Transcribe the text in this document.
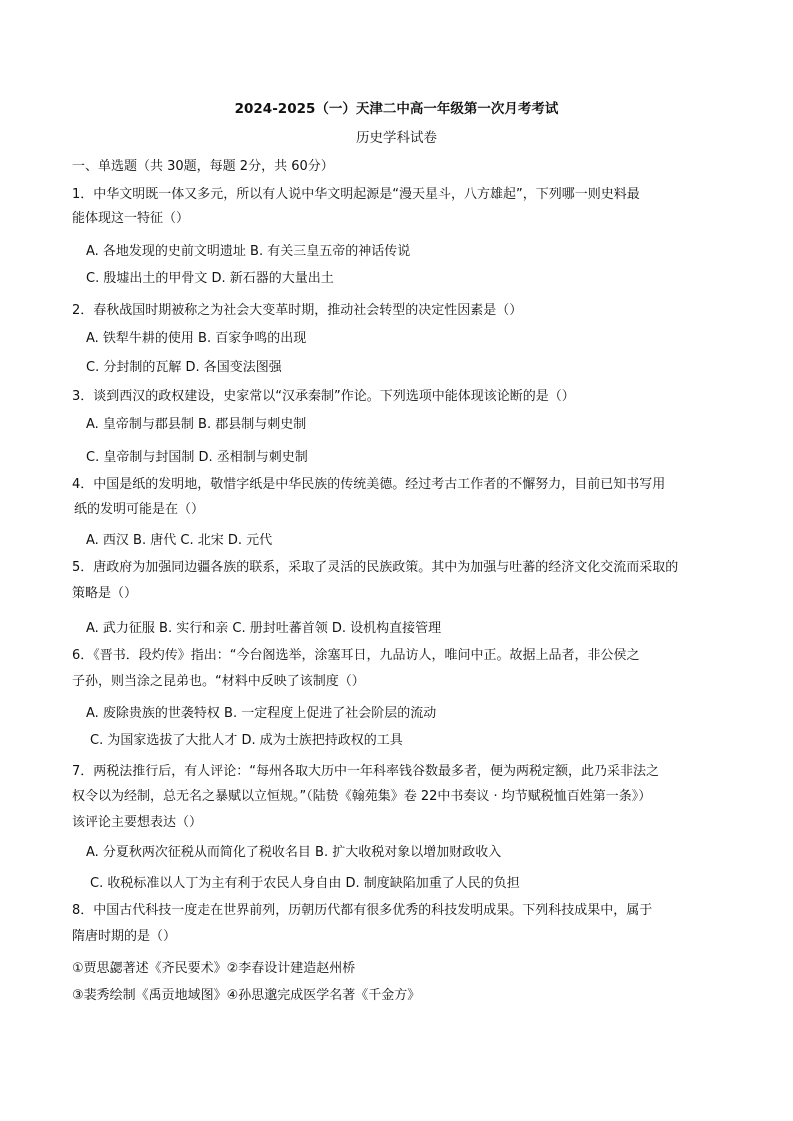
2024-2025（一）天津二中高一年级第一次月考考试
历史学科试卷
一、单选题（共 30题，每题 2分，共 60分）
1．中华文明既一体又多元，所以有人说中华文明起源是“漫天星斗，八方雄起”，下列哪一则史料最
能体现这一特征（）
A. 各地发现的史前文明遗址 B. 有关三皇五帝的神话传说
C. 殷墟出土的甲骨文 D. 新石器的大量出土
2．春秋战国时期被称之为社会大变革时期，推动社会转型的决定性因素是（）
A. 铁犁牛耕的使用 B. 百家争鸣的出现
C. 分封制的瓦解 D. 各国变法图强
3．谈到西汉的政权建设，史家常以“汉承秦制”作论。下列选项中能体现该论断的是（）
A. 皇帝制与郡县制 B. 郡县制与刺史制
C. 皇帝制与封国制 D. 丞相制与刺史制
4．中国是纸的发明地，敬惜字纸是中华民族的传统美德。经过考古工作者的不懈努力，目前已知书写用
纸的发明可能是在（）
A. 西汉 B. 唐代 C. 北宋 D. 元代
5．唐政府为加强同边疆各族的联系，采取了灵活的民族政策。其中为加强与吐蕃的经济文化交流而采取的
策略是（）
A. 武力征服 B. 实行和亲 C. 册封吐蕃首领 D. 设机构直接管理
6．《晋书．段灼传》指出：“今台阁选举，涂塞耳日，九品访人，唯问中正。故据上品者，非公侯之
子孙，则当涂之昆弟也。“材料中反映了该制度（）
A. 废除贵族的世袭特权 B. 一定程度上促进了社会阶层的流动
C. 为国家选拔了大批人才 D. 成为士族把持政权的工具
7．两税法推行后，有人评论：“每州各取大历中一年科率钱谷数最多者，便为两税定额，此乃采非法之
权令以为经制，总无名之暴赋以立恒规。”（陆贽《翰苑集》卷 22中书奏议 · 均节赋税恤百姓第一条》）
该评论主要想表达（）
A. 分夏秋两次征税从而简化了税收名目 B. 扩大收税对象以增加财政收入
C. 收税标准以人丁为主有利于农民人身自由 D. 制度缺陷加重了人民的负担
8．中国古代科技一度走在世界前列，历朝历代都有很多优秀的科技发明成果。下列科技成果中，属于
隋唐时期的是（）
①贾思勰著述《齐民要术》②李春设计建造赵州桥
③裴秀绘制《禹贡地域图》④孙思邈完成医学名著《千金方》
